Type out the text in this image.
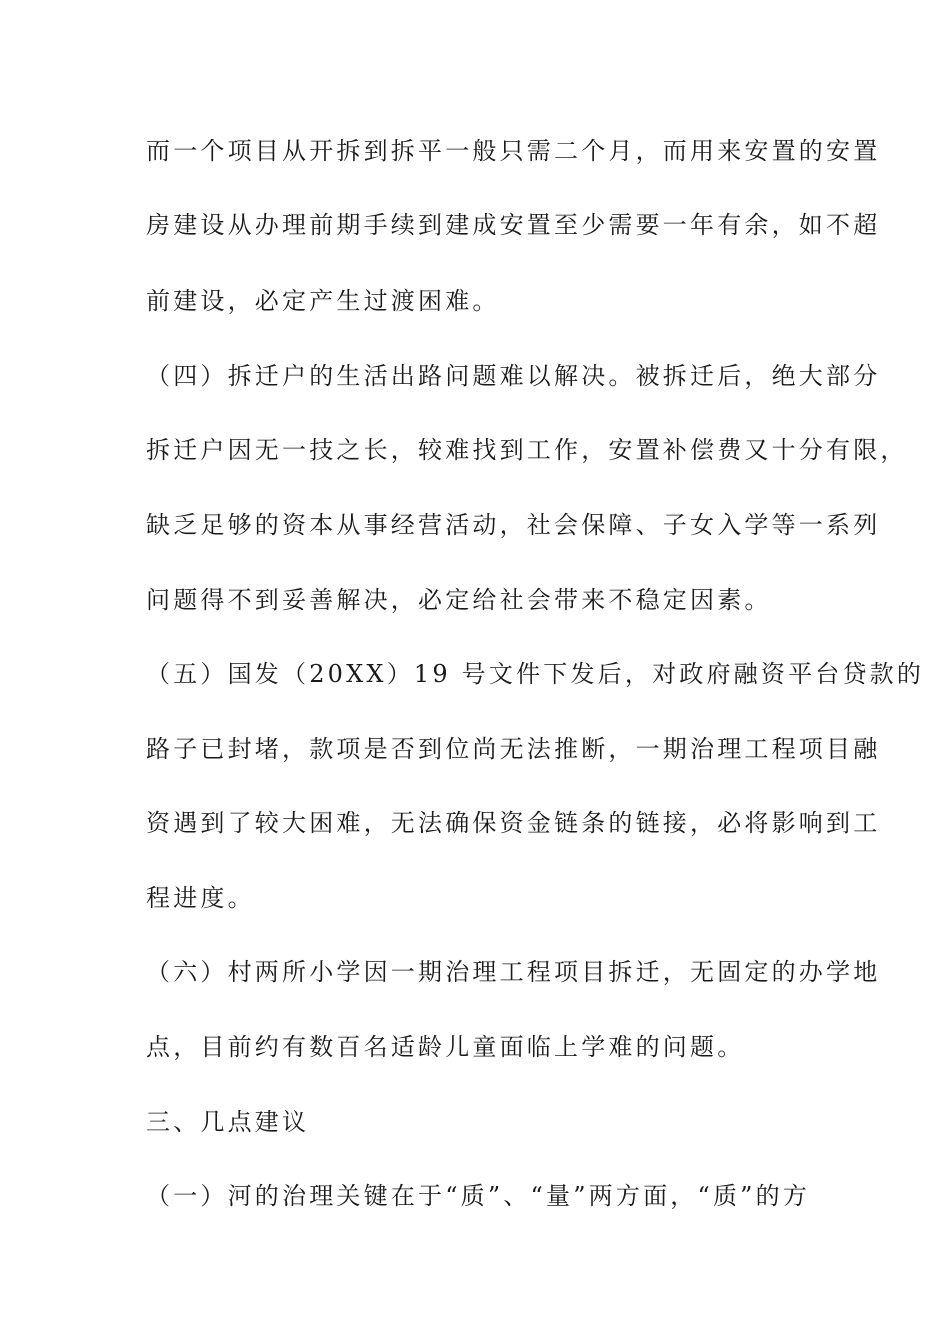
而一个项目从开拆到拆平一般只需二个月，而用来安置的安置
房建设从办理前期手续到建成安置至少需要一年有余，如不超
前建设，必定产生过渡困难。
（四）拆迁户的生活出路问题难以解决。被拆迁后，绝大部分
拆迁户因无一技之长，较难找到工作，安置补偿费又十分有限，
缺乏足够的资本从事经营活动，社会保障、子女入学等一系列
问题得不到妥善解决，必定给社会带来不稳定因素。
（五）国发（20XX）19 号文件下发后，对政府融资平台贷款的
路子已封堵，款项是否到位尚无法推断，一期治理工程项目融
资遇到了较大困难，无法确保资金链条的链接，必将影响到工
程进度。
（六）村两所小学因一期治理工程项目拆迁，无固定的办学地
点，目前约有数百名适龄儿童面临上学难的问题。
三、几点建议
（一）河的治理关键在于“质”、“量”两方面，“质”的方
